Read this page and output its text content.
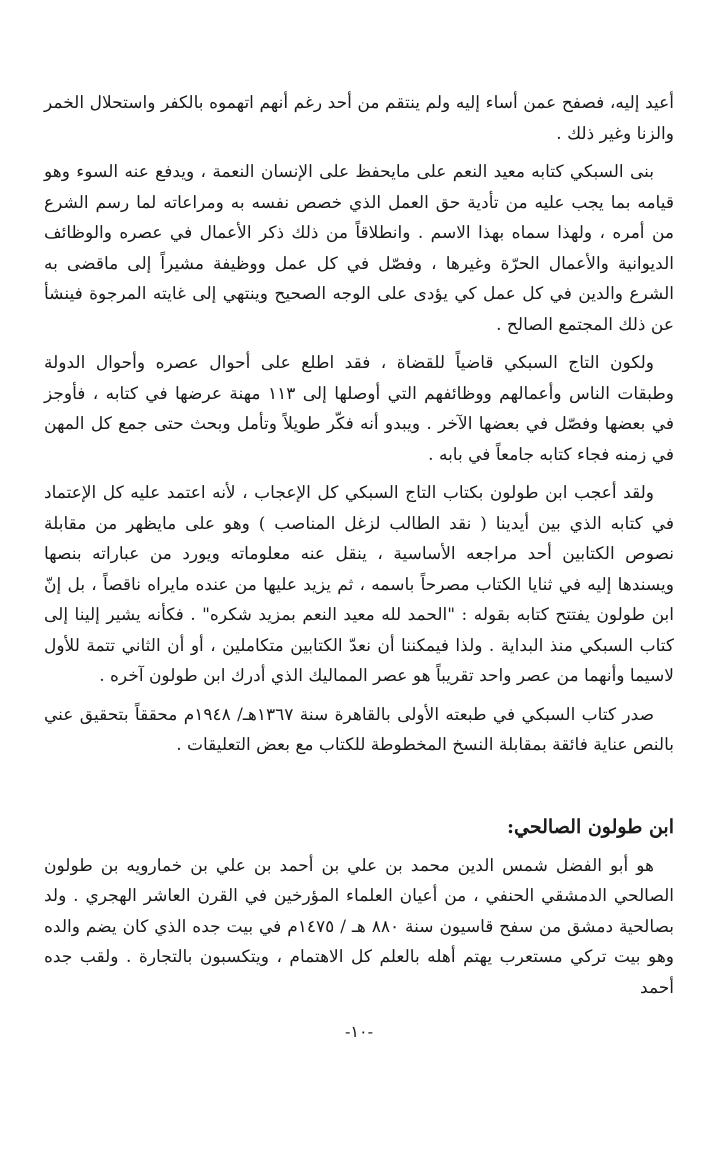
أعيد إليه، فصفح عمن أساء إليه ولم ينتقم من أحد رغم أنهم اتهموه بالكفر واستحلال الخمر والزنا وغير ذلك .

بنى السبكي كتابه معيد النعم على مايحفظ على الإنسان النعمة ، ويدفع عنه السوء وهو قيامه بما يجب عليه من تأدية حق العمل الذي خصص نفسه به ومراعاته لما رسم الشرع من أمره ، ولهذا سماه بهذا الاسم . وانطلاقاً من ذلك ذكر الأعمال في عصره والوظائف الديوانية والأعمال الحرّة وغيرها ، وفصّل في كل عمل ووظيفة مشيراً إلى ماقضى به الشرع والدين في كل عمل كي يؤدى على الوجه الصحيح وينتهي إلى غايته المرجوة فينشأ عن ذلك المجتمع الصالح .

ولكون التاج السبكي قاضياً للقضاة ، فقد اطلع على أحوال عصره وأحوال الدولة وطبقات الناس وأعمالهم ووظائفهم التي أوصلها إلى ١١٣ مهنة عرضها في كتابه ، فأوجز في بعضها وفصّل في بعضها الآخر . ويبدو أنه فكّر طويلاً وتأمل وبحث حتى جمع كل المهن في زمنه فجاء كتابه جامعاً في بابه .

ولقد أعجب ابن طولون بكتاب التاج السبكي كل الإعجاب ، لأنه اعتمد عليه كل الإعتماد في كتابه الذي بين أيدينا ( نقد الطالب لزغل المناصب ) وهو على مايظهر من مقابلة نصوص الكتابين أحد مراجعه الأساسية ، ينقل عنه معلوماته ويورد من عباراته بنصها ويسندها إليه في ثنايا الكتاب مصرحاً باسمه ، ثم يزيد عليها من عنده مايراه ناقصاً ، بل إنّ ابن طولون يفتتح كتابه بقوله : "الحمد لله معيد النعم بمزيد شكره" . فكأنه يشير إلينا إلى كتاب السبكي منذ البداية . ولذا فيمكننا أن نعدّ الكتابين متكاملين ، أو أن الثاني تتمة للأول لاسيما وأنهما من عصر واحد تقريباً هو عصر المماليك الذي أدرك ابن طولون آخره .

صدر كتاب السبكي في طبعته الأولى بالقاهرة سنة ١٣٦٧هـ/ ١٩٤٨م محققاً بتحقيق عني بالنص عناية فائقة بمقابلة النسخ المخطوطة للكتاب مع بعض التعليقات .

ابن طولون الصالحي:

هو أبو الفضل شمس الدين محمد بن علي بن أحمد بن علي بن خمارويه بن طولون الصالحي الدمشقي الحنفي ، من أعيان العلماء المؤرخين في القرن العاشر الهجري . ولد بصالحية دمشق من سفح قاسيون سنة ٨٨٠ هـ / ١٤٧٥م في بيت جده الذي كان يضم والده وهو بيت تركي مستعرب يهتم أهله بالعلم كل الاهتمام ، ويتكسبون بالتجارة . ولقب جده أحمد

-١٠-
